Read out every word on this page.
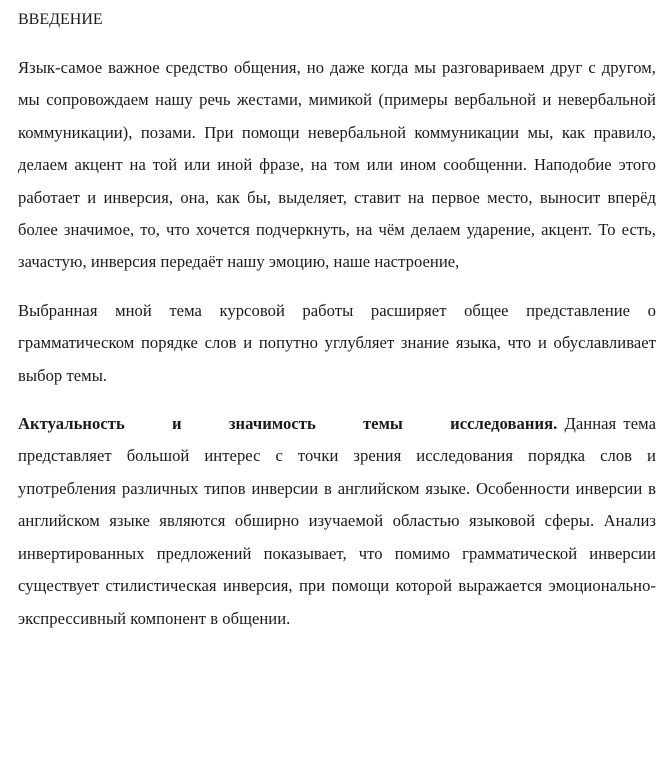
ВВЕДЕНИЕ

Язык-самое важное средство общения, но даже когда мы разговариваем друг с другом, мы сопровождаем нашу речь жестами, мимикой (примеры вербальной и невербальной коммуникации), позами. При помощи невербальной коммуникации мы, как правило, делаем акцент на той или иной фразе, на том или ином сообщенни. Наподобие этого работает и инверсия, она, как бы, выделяет, ставит на первое место, выносит вперёд более значимое, то, что хочется подчеркнуть, на чём делаем ударение, акцент. То есть, зачастую, инверсия передаёт нашу эмоцию, наше настроение,

Выбранная мной тема курсовой работы расширяет общее представление о грамматическом порядке слов и попутно углубляет знание языка, что и обуславливает выбор темы.

Актуальность и значимость темы исследования. Данная тема представляет большой интерес с точки зрения исследования порядка слов и употребления различных типов инверсии в английском языке. Особенности инверсии в английском языке являются обширно изучаемой областью языковой сферы. Анализ инвертированных предложений показывает, что помимо грамматической инверсии существует стилистическая инверсия, при помощи которой выражается эмоционально-экспрессивный компонент в общении.
